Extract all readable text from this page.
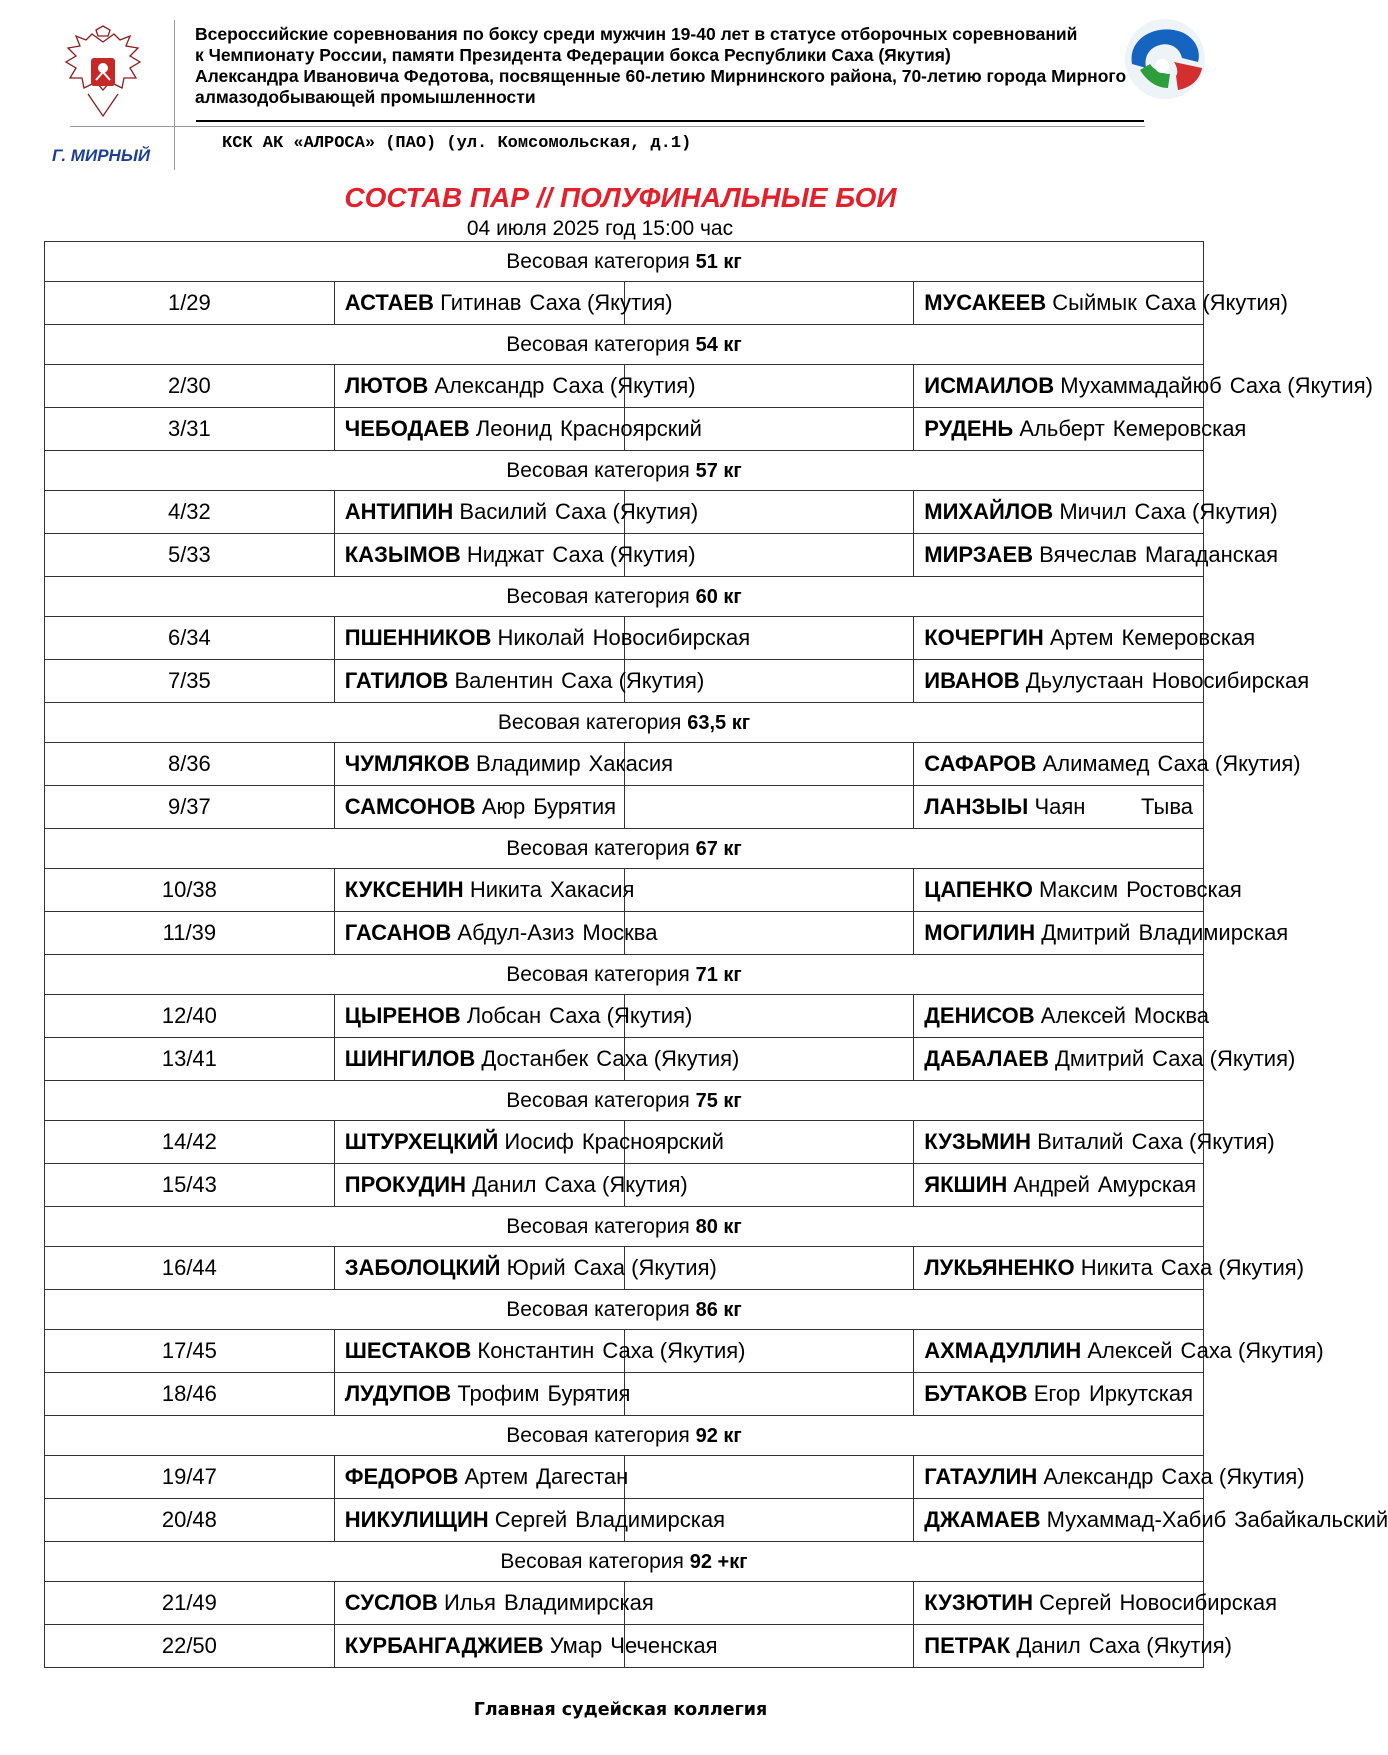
Г. МИРНЫЙ
Всероссийские соревнования по боксу среди мужчин 19-40 лет в статусе отборочных соревнований
к Чемпионату России, памяти Президента Федерации бокса Республики Саха (Якутия)
Александра Ивановича Федотова, посвященные 60-летию Мирнинского района, 70-летию города Мирного
алмазодобывающей промышленности
КСК АК «АЛРОСА» (ПАО) (ул. Комсомольская, д.1)
СОСТАВ ПАР // ПОЛУФИНАЛЬНЫЕ БОИ
04 июля 2025 год 15:00 час
Весовая категория 51 кг			
1/29	АСТАЕВ Гитинав Саха (Якутия)		МУСАКЕЕВ Сыймык Саха (Якутия)

Весовая категория 54 кг			
2/30	ЛЮТОВ Александр Саха (Якутия)		ИСМАИЛОВ Мухаммадайюб Саха (Якутия)

3/31	ЧЕБОДАЕВ Леонид Красноярский		РУДЕНЬ Альберт Кемеровская

Весовая категория 57 кг			
4/32	АНТИПИН Василий Саха (Якутия)		МИХАЙЛОВ Мичил Саха (Якутия)

5/33	КАЗЫМОВ Ниджат Саха (Якутия)		МИРЗАЕВ Вячеслав Магаданская

Весовая категория 60 кг			
6/34	ПШЕННИКОВ Николай Новосибирская		КОЧЕРГИН Артем Кемеровская

7/35	ГАТИЛОВ Валентин Саха (Якутия)		ИВАНОВ Дьулустаан Новосибирская

Весовая категория 63,5 кг			
8/36	ЧУМЛЯКОВ Владимир Хакасия		САФАРОВ Алимамед Саха (Якутия)

9/37	САМСОНОВ Аюр Бурятия		ЛАНЗЫЫ Чаян Тыва

Весовая категория 67 кг			
10/38	КУКСЕНИН Никита Хакасия		ЦАПЕНКО Максим Ростовская

11/39	ГАСАНОВ Абдул-Азиз Москва		МОГИЛИН Дмитрий Владимирская

Весовая категория 71 кг			
12/40	ЦЫРЕНОВ Лобсан Саха (Якутия)		ДЕНИСОВ Алексей Москва

13/41	ШИНГИЛОВ Достанбек Саха (Якутия)		ДАБАЛАЕВ Дмитрий Саха (Якутия)

Весовая категория 75 кг			
14/42	ШТУРХЕЦКИЙ Иосиф Красноярский		КУЗЬМИН Виталий Саха (Якутия)

15/43	ПРОКУДИН Данил Саха (Якутия)		ЯКШИН Андрей Амурская

Весовая категория 80 кг			
16/44	ЗАБОЛОЦКИЙ Юрий Саха (Якутия)		ЛУКЬЯНЕНКО Никита Саха (Якутия)

Весовая категория 86 кг			
17/45	ШЕСТАКОВ Константин Саха (Якутия)		АХМАДУЛЛИН Алексей Саха (Якутия)

18/46	ЛУДУПОВ Трофим Бурятия		БУТАКОВ Егор Иркутская

Весовая категория 92 кг			
19/47	ФЕДОРОВ Артем Дагестан		ГАТАУЛИН Александр Саха (Якутия)

20/48	НИКУЛИЩИН Сергей Владимирская		ДЖАМАЕВ Мухаммад-Хабиб Забайкальский

Весовая категория 92 +кг			
21/49	СУСЛОВ Илья Владимирская		КУЗЮТИН Сергей Новосибирская

22/50	КУРБАНГАДЖИЕВ Умар Чеченская		ПЕТРАК Данил Саха (Якутия)
Главная судейская коллегия
